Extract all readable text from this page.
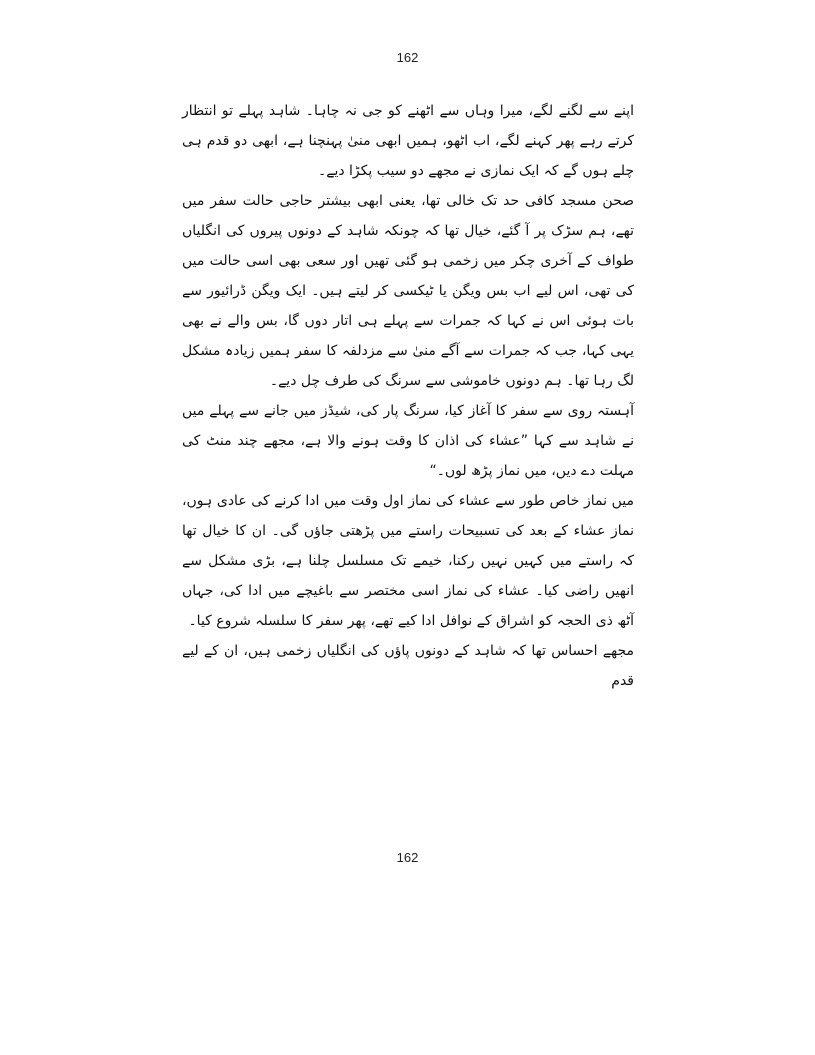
162

اپنے سے لگنے لگے، میرا وہاں سے اٹھنے کو جی نہ چاہا۔ شاہد پہلے تو انتظار کرتے رہے پھر کہنے لگے، اب اٹھو، ہمیں ابھی منیٰ پہنچنا ہے، ابھی دو قدم ہی چلے ہوں گے کہ ایک نمازی نے مجھے دو سیب پکڑا دیے۔

صحن مسجد کافی حد تک خالی تھا، یعنی ابھی بیشتر حاجی حالت سفر میں تھے، ہم سڑک پر آ گئے، خیال تھا کہ چونکہ شاہد کے دونوں پیروں کی انگلیاں طواف کے آخری چکر میں زخمی ہو گئی تھیں اور سعی بھی اسی حالت میں کی تھی، اس لیے اب بس ویگن یا ٹیکسی کر لیتے ہیں۔ ایک ویگن ڈرائیور سے بات ہوئی اس نے کہا کہ جمرات سے پہلے ہی اتار دوں گا، بس والے نے بھی یہی کہا، جب کہ جمرات سے آگے منیٰ سے مزدلفہ کا سفر ہمیں زیادہ مشکل لگ رہا تھا۔ ہم دونوں خاموشی سے سرنگ کی طرف چل دیے۔

آہستہ روی سے سفر کا آغاز کیا، سرنگ پار کی، شیڈز میں جانے سے پہلے میں نے شاہد سے کہا ”عشاء کی اذان کا وقت ہونے والا ہے، مجھے چند منٹ کی مہلت دے دیں، میں نماز پڑھ لوں۔“

میں نماز خاص طور سے عشاء کی نماز اول وقت میں ادا کرنے کی عادی ہوں، نماز عشاء کے بعد کی تسبیحات راستے میں پڑھتی جاؤں گی۔ ان کا خیال تھا کہ راستے میں کہیں نہیں رکنا، خیمے تک مسلسل چلنا ہے، بڑی مشکل سے انھیں راضی کیا۔ عشاء کی نماز اسی مختصر سے باغیچے میں ادا کی، جہاں آٹھ ذی الحجہ کو اشراق کے نوافل ادا کیے تھے، پھر سفر کا سلسلہ شروع کیا۔

مجھے احساس تھا کہ شاہد کے دونوں پاؤں کی انگلیاں زخمی ہیں، ان کے لیے قدم

162
